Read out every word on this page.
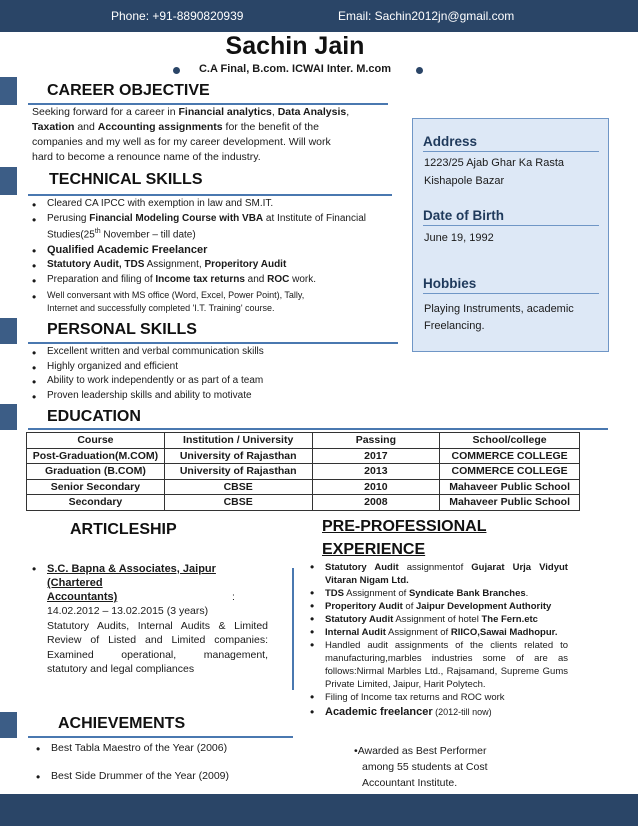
Phone: +91-8890820939	Email: Sachin2012jn@gmail.com
Sachin Jain
C.A Final, B.com. ICWAI Inter. M.com
CAREER OBJECTIVE
Seeking forward for a career in Financial analytics, Data Analysis,
Taxation and Accounting assignments for the benefit of the
companies and my well as for my career development. Will work
hard to become a renounce name of the industry.
TECHNICAL SKILLS
• Cleared CA IPCC with exemption in law and SM.IT.
• Perusing Financial Modeling Course with VBA at Institute of Financial
Studies(25th November – till date)
• Qualified Academic Freelancer
• Statutory Audit, TDS Assignment, Properitory Audit
• Preparation and filing of Income tax returns and ROC work.
• Well conversant with MS office (Word, Excel, Power Point), Tally,
Internet and successfully completed 'I.T. Training' course.
PERSONAL SKILLS
• Excellent written and verbal communication skills
• Highly organized and efficient
• Ability to work independently or as part of a team
• Proven leadership skills and ability to motivate
Address
1223/25 Ajab Ghar Ka Rasta
Kishapole Bazar
Date of Birth
June 19, 1992
Hobbies
Playing Instruments, academic
Freelancing.
EDUCATION
Course	Institution / University	Passing	School/college
Post-Graduation(M.COM)	University of Rajasthan	2017	COMMERCE COLLEGE
Graduation (B.COM)	University of Rajasthan	2013	COMMERCE COLLEGE
Senior Secondary	CBSE	2010	Mahaveer Public School
Secondary	CBSE	2008	Mahaveer Public School
ARTICLESHIP
• S.C. Bapna & Associates, Jaipur (Chartered
Accountants)	:
14.02.2012 – 13.02.2015 (3 years)
Statutory Audits, Internal Audits & Limited
Review of Listed and Limited companies:
Examined operational, management,
statutory and legal compliances
PRE-PROFESSIONAL
EXPERIENCE
• Statutory Audit assignmentof Gujarat Urja Vidyut Vitaran Nigam Ltd.
• TDS Assignment of Syndicate Bank Branches.
• Properitory Audit of Jaipur Development Authority
• Statutory Audit Assignment of hotel The Fern.etc
• Internal Audit Assignment of RIICO,Sawai Madhopur.
• Handled audit assignments of the clients related to manufacturing,marbles industries some of are as follows:Nirmal Marbles Ltd., Rajsamand, Supreme Gums Private Limited, Jaipur, Harit Polytech.
• Filing of Income tax returns and ROC work
• Academic freelancer (2012-till now)
ACHIEVEMENTS
• Best Tabla Maestro of the Year (2006)
• Best Side Drummer of the Year (2009)
•Awarded as Best Performer
among 55 students at Cost
Accountant Institute.
